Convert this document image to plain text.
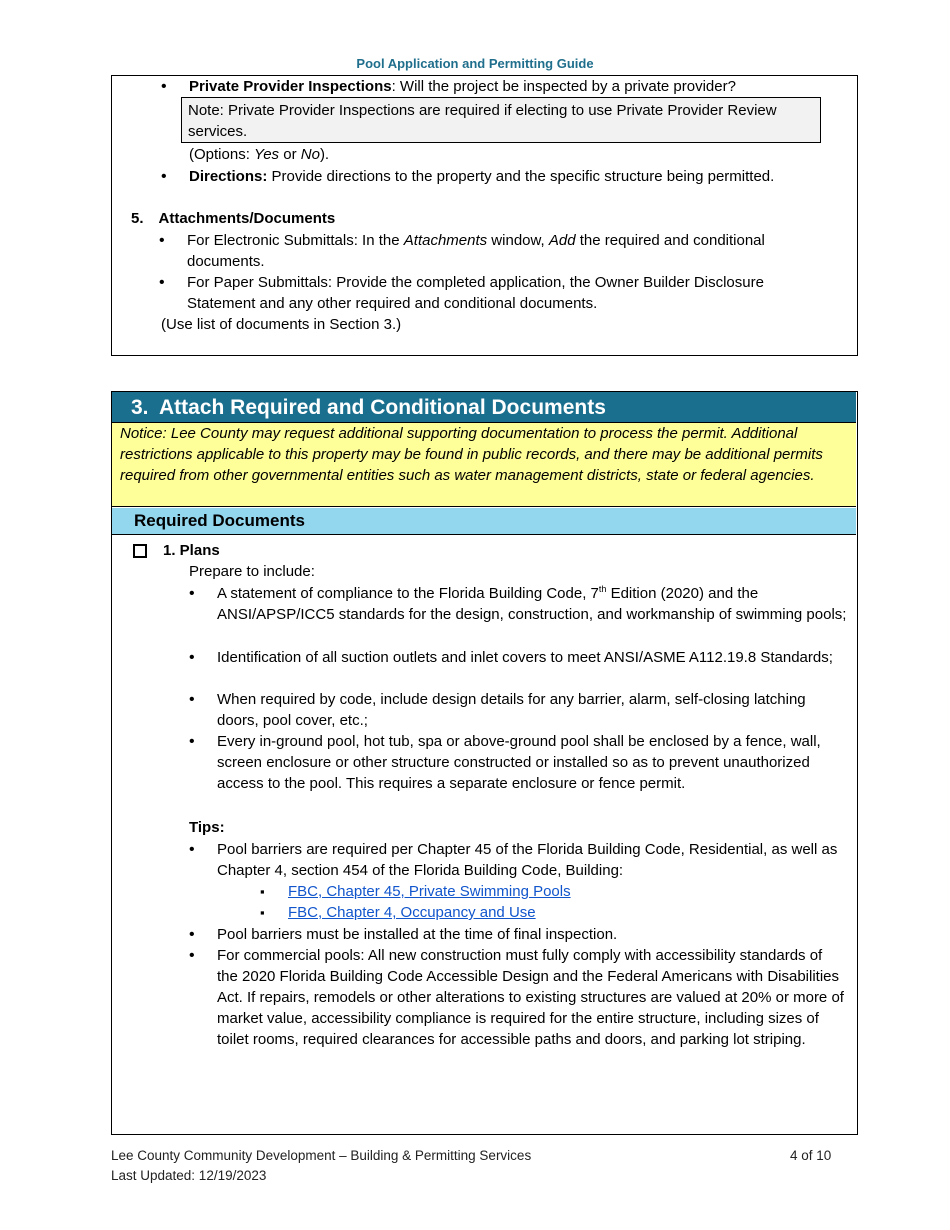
Pool Application and Permitting Guide
• Private Provider Inspections: Will the project be inspected by a private provider?
Note: Private Provider Inspections are required if electing to use Private Provider Review services.
(Options: Yes or No).
• Directions: Provide directions to the property and the specific structure being permitted.
5. Attachments/Documents
• For Electronic Submittals: In the Attachments window, Add the required and conditional documents.
• For Paper Submittals: Provide the completed application, the Owner Builder Disclosure Statement and any other required and conditional documents.
(Use list of documents in Section 3.)
3. Attach Required and Conditional Documents
Notice: Lee County may request additional supporting documentation to process the permit. Additional restrictions applicable to this property may be found in public records, and there may be additional permits required from other governmental entities such as water management districts, state or federal agencies.
Required Documents
1. Plans
Prepare to include:
• A statement of compliance to the Florida Building Code, 7th Edition (2020) and the ANSI/APSP/ICC5 standards for the design, construction, and workmanship of swimming pools;
• Identification of all suction outlets and inlet covers to meet ANSI/ASME A112.19.8 Standards;
• When required by code, include design details for any barrier, alarm, self-closing latching doors, pool cover, etc.;
• Every in-ground pool, hot tub, spa or above-ground pool shall be enclosed by a fence, wall, screen enclosure or other structure constructed or installed so as to prevent unauthorized access to the pool. This requires a separate enclosure or fence permit.
Tips:
• Pool barriers are required per Chapter 45 of the Florida Building Code, Residential, as well as Chapter 4, section 454 of the Florida Building Code, Building:
▪ FBC, Chapter 45, Private Swimming Pools
▪ FBC, Chapter 4, Occupancy and Use
• Pool barriers must be installed at the time of final inspection.
• For commercial pools: All new construction must fully comply with accessibility standards of the 2020 Florida Building Code Accessible Design and the Federal Americans with Disabilities Act. If repairs, remodels or other alterations to existing structures are valued at 20% or more of market value, accessibility compliance is required for the entire structure, including sizes of toilet rooms, required clearances for accessible paths and doors, and parking lot striping.
Lee County Community Development – Building & Permitting Services
Last Updated: 12/19/2023
4 of 10
